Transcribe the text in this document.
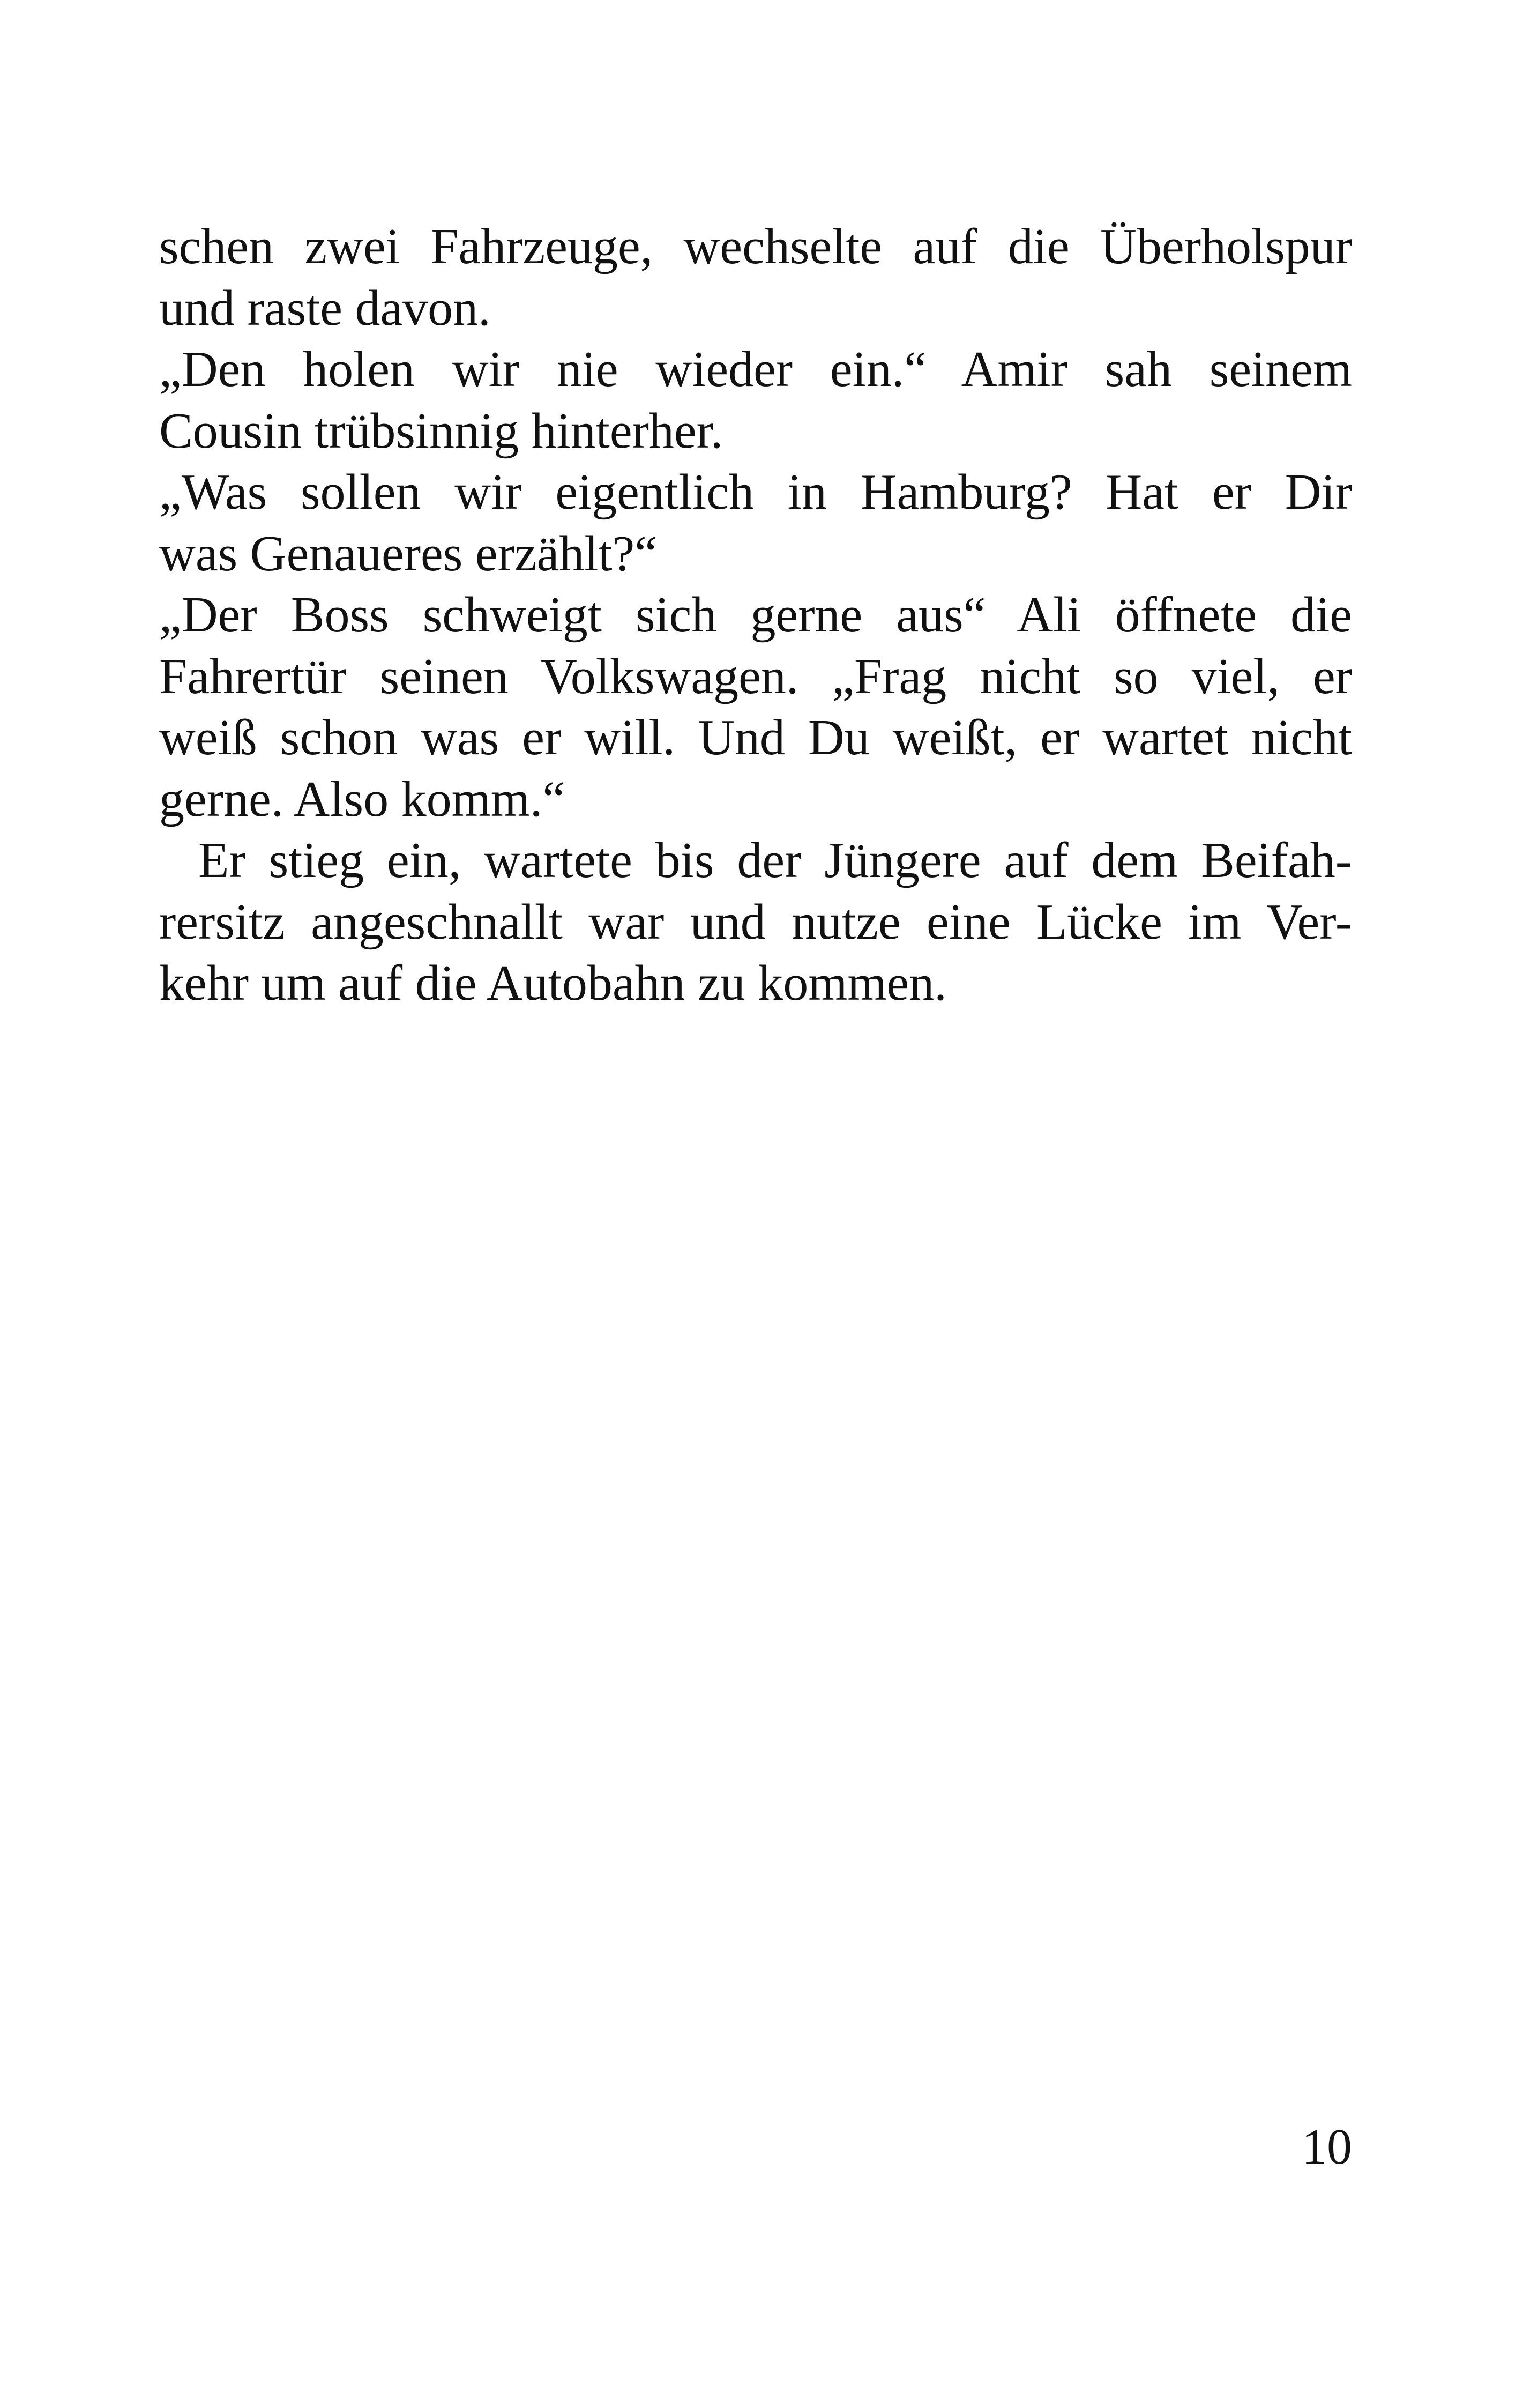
schen zwei Fahrzeuge, wechselte auf die Überholspur
und raste davon.
„Den holen wir nie wieder ein.“ Amir sah seinem
Cousin trübsinnig hinterher.
„Was sollen wir eigentlich in Hamburg? Hat er Dir
was Genaueres erzählt?“
„Der Boss schweigt sich gerne aus“ Ali öffnete die
Fahrertür seinen Volkswagen. „Frag nicht so viel, er
weiß schon was er will. Und Du weißt, er wartet nicht
gerne. Also komm.“
Er stieg ein, wartete bis der Jüngere auf dem Beifah-
rersitz angeschnallt war und nutze eine Lücke im Ver-
kehr um auf die Autobahn zu kommen.
10
